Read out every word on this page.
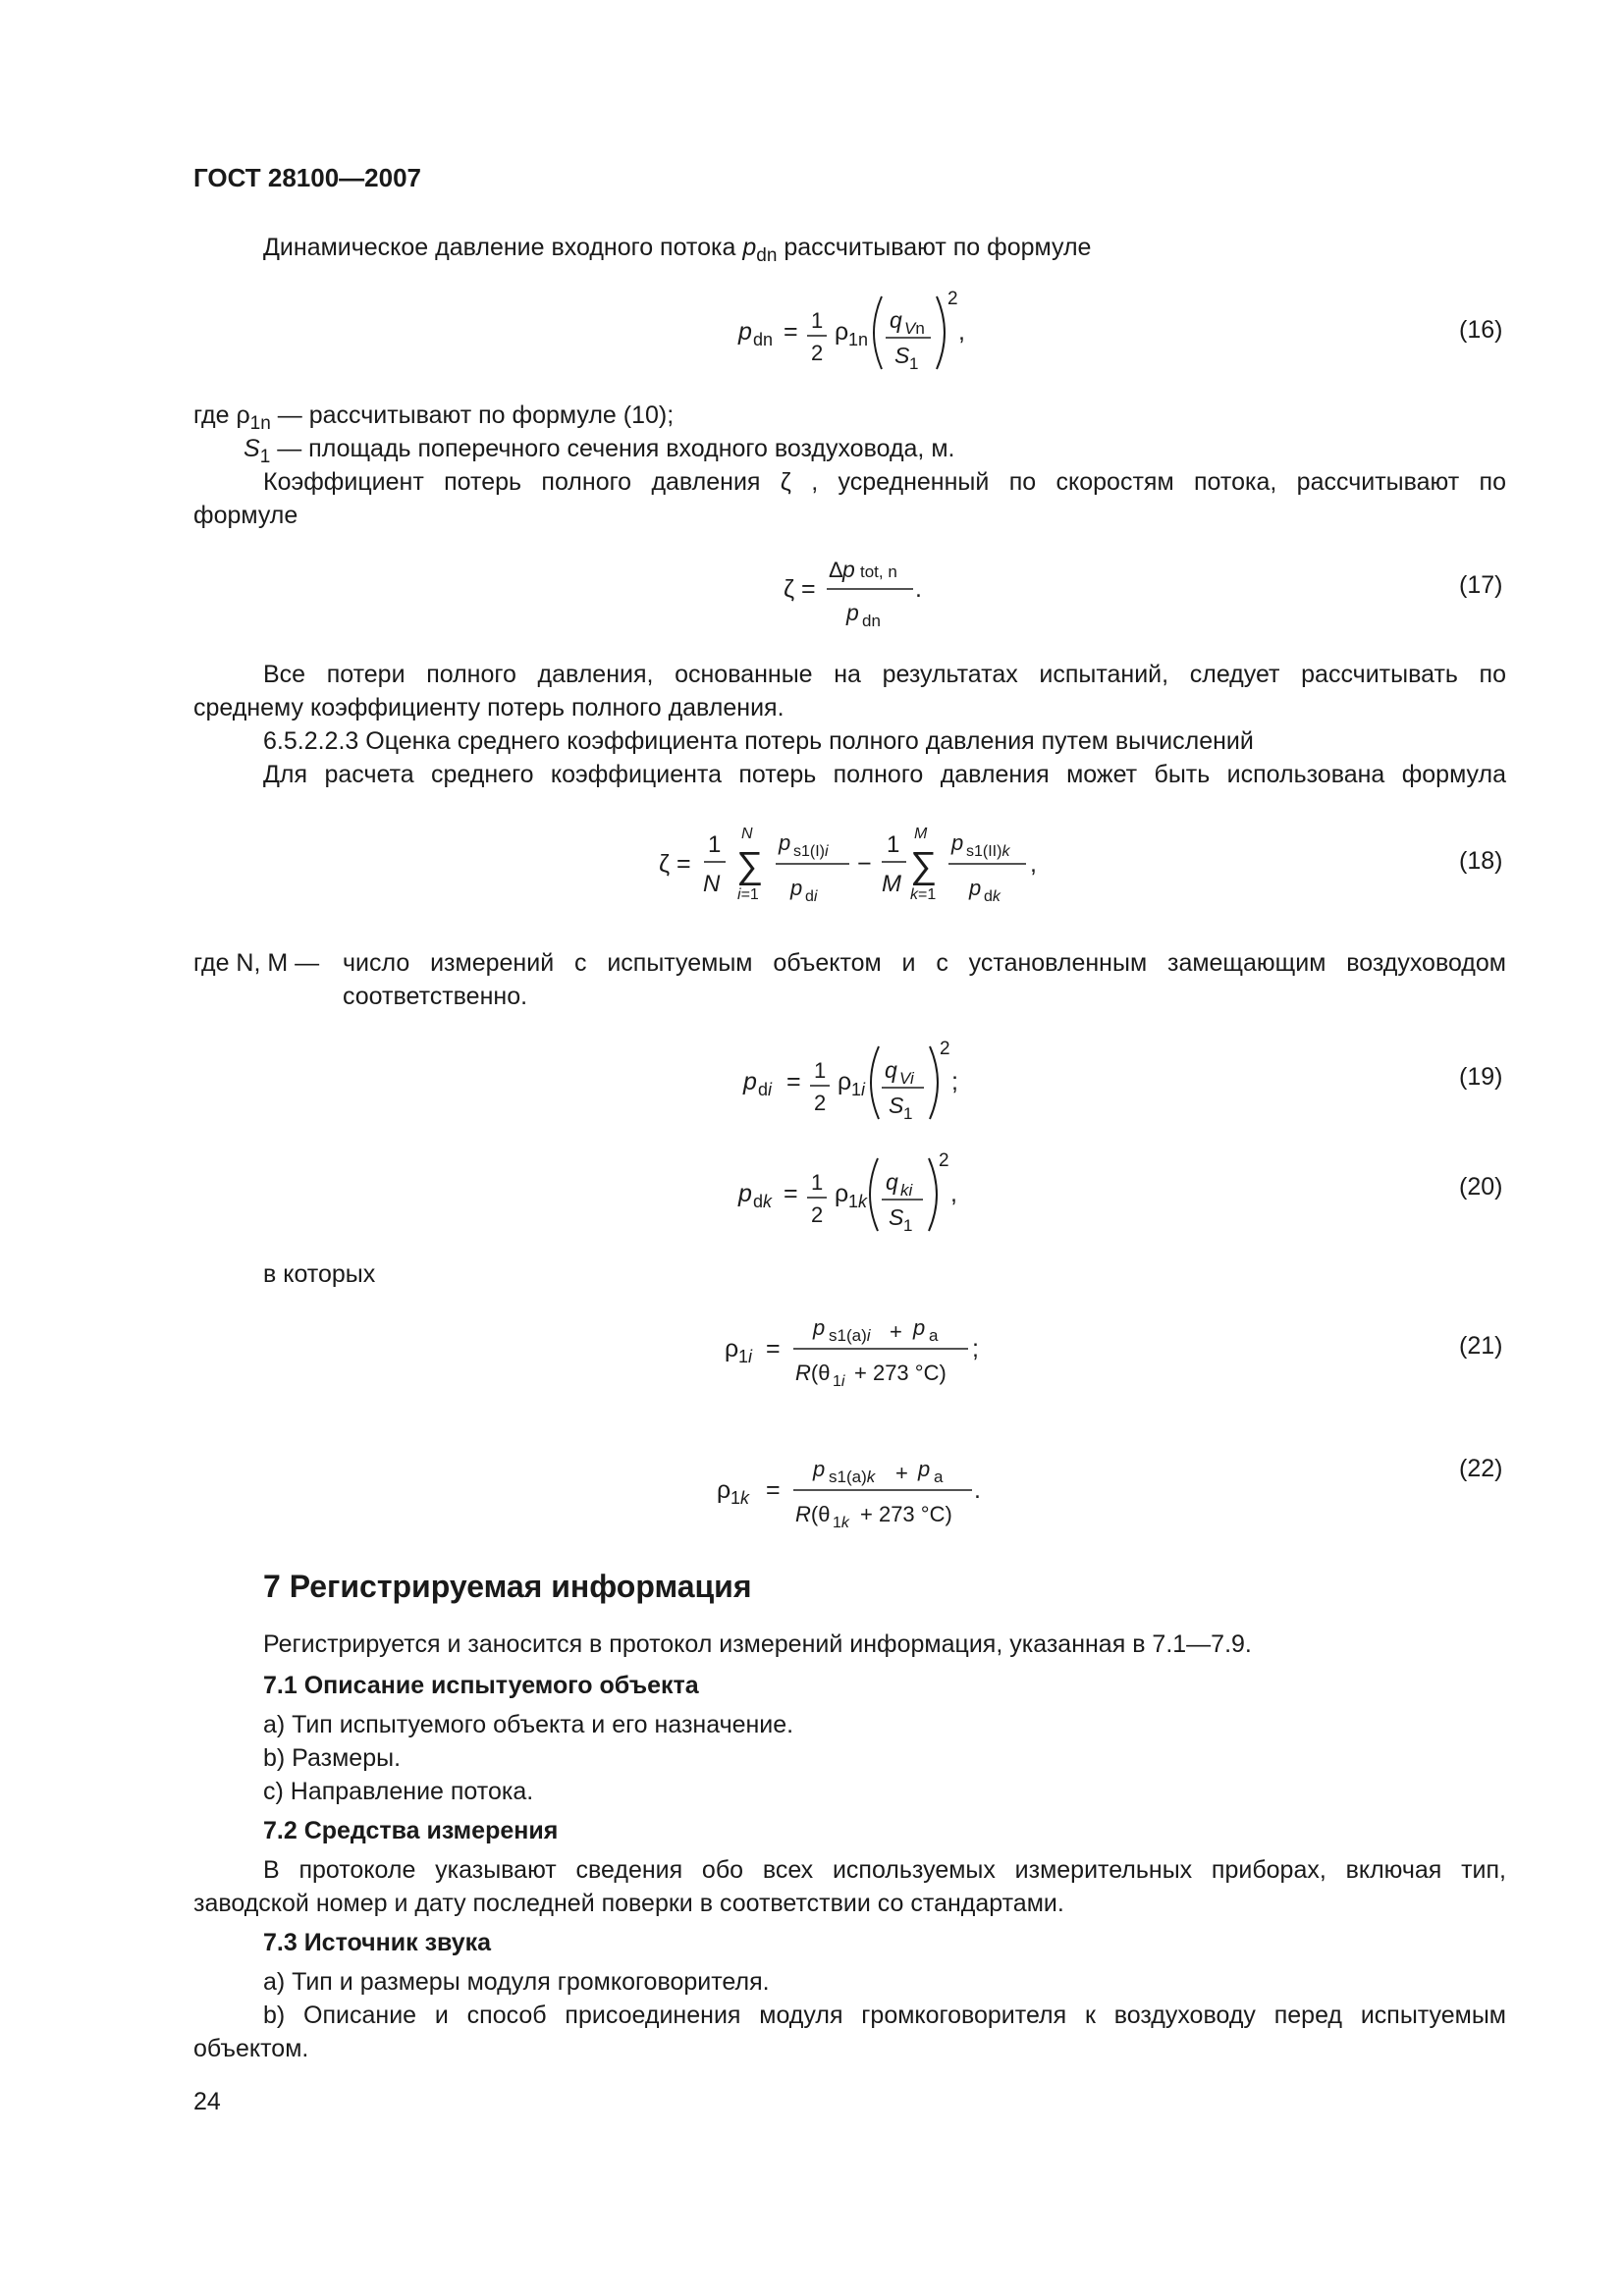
ГОСТ 28100—2007
Динамическое давление входного потока $p_{dn}$ рассчитывают по формуле
p dn = 1
2
ρ 1n
q Vn
S 1
2
,	(16)
где $\rho_{1n}$ — рассчитывают по формуле (10);
$S_1$ — площадь поперечного сечения входного воздуховода, м.
Коэффициент потерь полного давления ζ , усредненный по скоростям потока, рассчитывают по
формуле
ζ =
Δ p tot, n
p dn
.	(17)
Все потери полного давления, основанные на результатах испытаний, следует рассчитывать по
среднему коэффициенту потерь полного давления.
6.5.2.2.3 Оценка среднего коэффициента потерь полного давления путем вычислений
Для расчета среднего коэффициента потерь полного давления может быть использована формула
ζ =
1
N
N
∑
i=1
p s1(I)i
p di
−
1
M
M
∑
k=1
p s1(II)k
p dk
,	(18)
где N, M — число измерений с испытуемым объектом и с установленным замещающим воздуховодом
соответственно.
p di = 1
2
ρ 1i
q Vi
S 1
2
;	(19)
p dk = 1
2
ρ 1k
q ki
S 1
2
,	(20)
в которых
ρ 1i =
p s1(a)i + p a
R(θ 1i + 273 °C)
;	(21)
ρ 1k =
p s1(a)k + p a
R(θ 1k + 273 °C)
.
(22)
7 Регистрируемая информация
Регистрируется и заносится в протокол измерений информация, указанная в 7.1—7.9.
7.1 Описание испытуемого объекта
a) Тип испытуемого объекта и его назначение.
b) Размеры.
c) Направление потока.
7.2 Средства измерения
В протоколе указывают сведения обо всех используемых измерительных приборах, включая тип,
заводской номер и дату последней поверки в соответствии со стандартами.
7.3 Источник звука
a) Тип и размеры модуля громкоговорителя.
b) Описание и способ присоединения модуля громкоговорителя к воздуховоду перед испытуемым
объектом.
24
